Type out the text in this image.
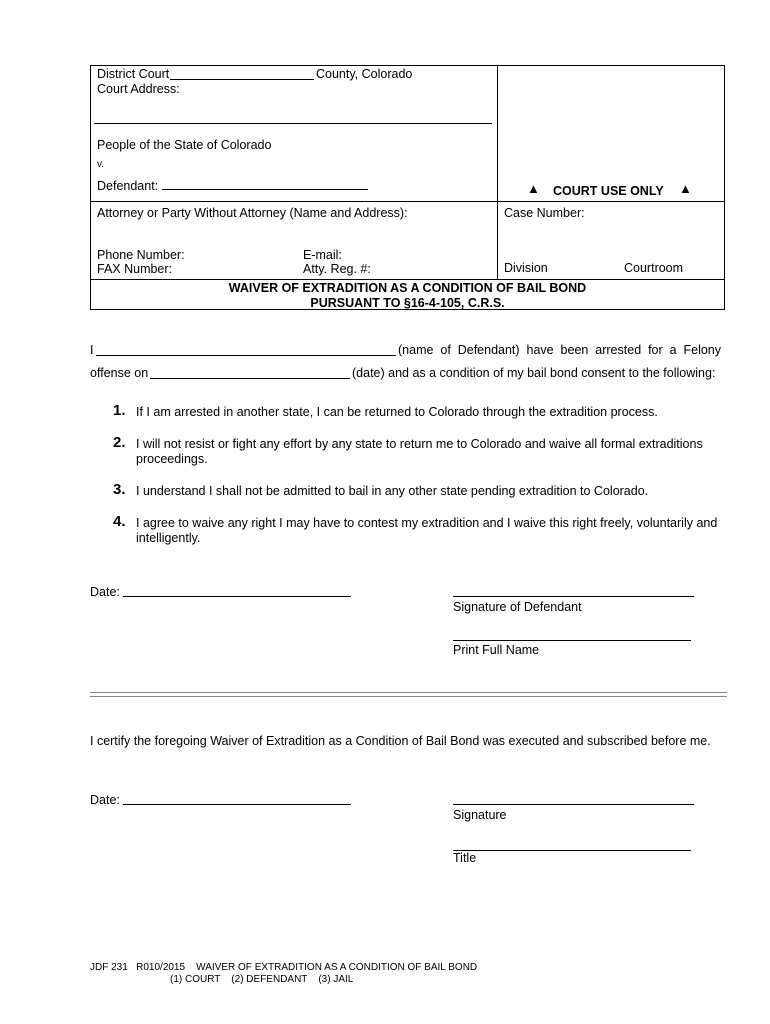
District Court	County, Colorado
Court Address:
People of the State of Colorado
v.
Defendant:	▲ COURT USE ONLY ▲
Attorney or Party Without Attorney (Name and Address):	Case Number:
Phone Number:	E-mail:
FAX Number:	Atty. Reg. #:	Division	Courtroom
WAIVER OF EXTRADITION AS A CONDITION OF BAIL BOND
PURSUANT TO §16-4-105, C.R.S.
I	(name of Defendant) have been arrested for a Felony
offense on	(date) and as a condition of my bail bond consent to the following:
1. If I am arrested in another state, I can be returned to Colorado through the extradition process.
2. I will not resist or fight any effort by any state to return me to Colorado and waive all formal extraditions proceedings.
3. I understand I shall not be admitted to bail in any other state pending extradition to Colorado.
4. I agree to waive any right I may have to contest my extradition and I waive this right freely, voluntarily and intelligently.
Date:
Signature of Defendant
Print Full Name
I certify the foregoing Waiver of Extradition as a Condition of Bail Bond was executed and subscribed before me.
Date:
Signature
Title
JDF 231   R010/2015    WAIVER OF EXTRADITION AS A CONDITION OF BAIL BOND
(1) COURT    (2) DEFENDANT    (3) JAIL
